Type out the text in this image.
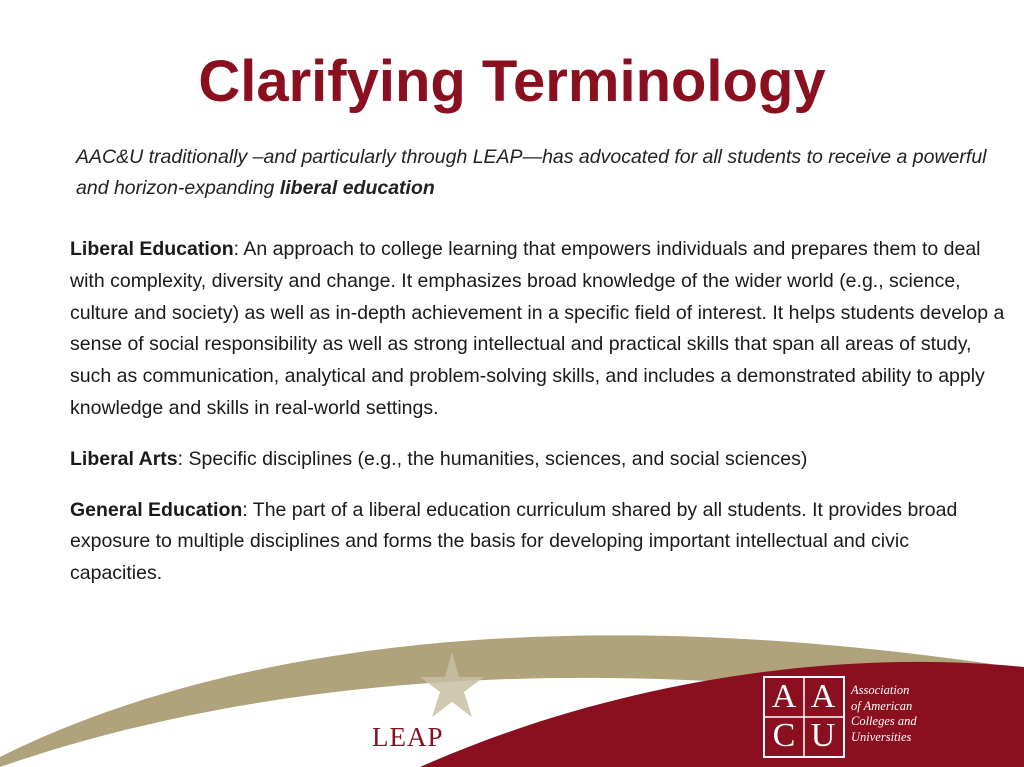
Clarifying Terminology
AAC&U traditionally –and particularly through LEAP—has advocated for all students to receive a powerful and horizon-expanding liberal education

Liberal Education: An approach to college learning that empowers individuals and prepares them to deal with complexity, diversity and change. It emphasizes broad knowledge of the wider world (e.g., science, culture and society) as well as in-depth achievement in a specific field of interest. It helps students develop a sense of social responsibility as well as strong intellectual and practical skills that span all areas of study, such as communication, analytical and problem-solving skills, and includes a demonstrated ability to apply knowledge and skills in real-world settings.

Liberal Arts: Specific disciplines (e.g., the humanities, sciences, and social sciences)

General Education: The part of a liberal education curriculum shared by all students. It provides broad exposure to multiple disciplines and forms the basis for developing important intellectual and civic capacities.

LEAP
A A
C U
Association
of American
Colleges and
Universities
